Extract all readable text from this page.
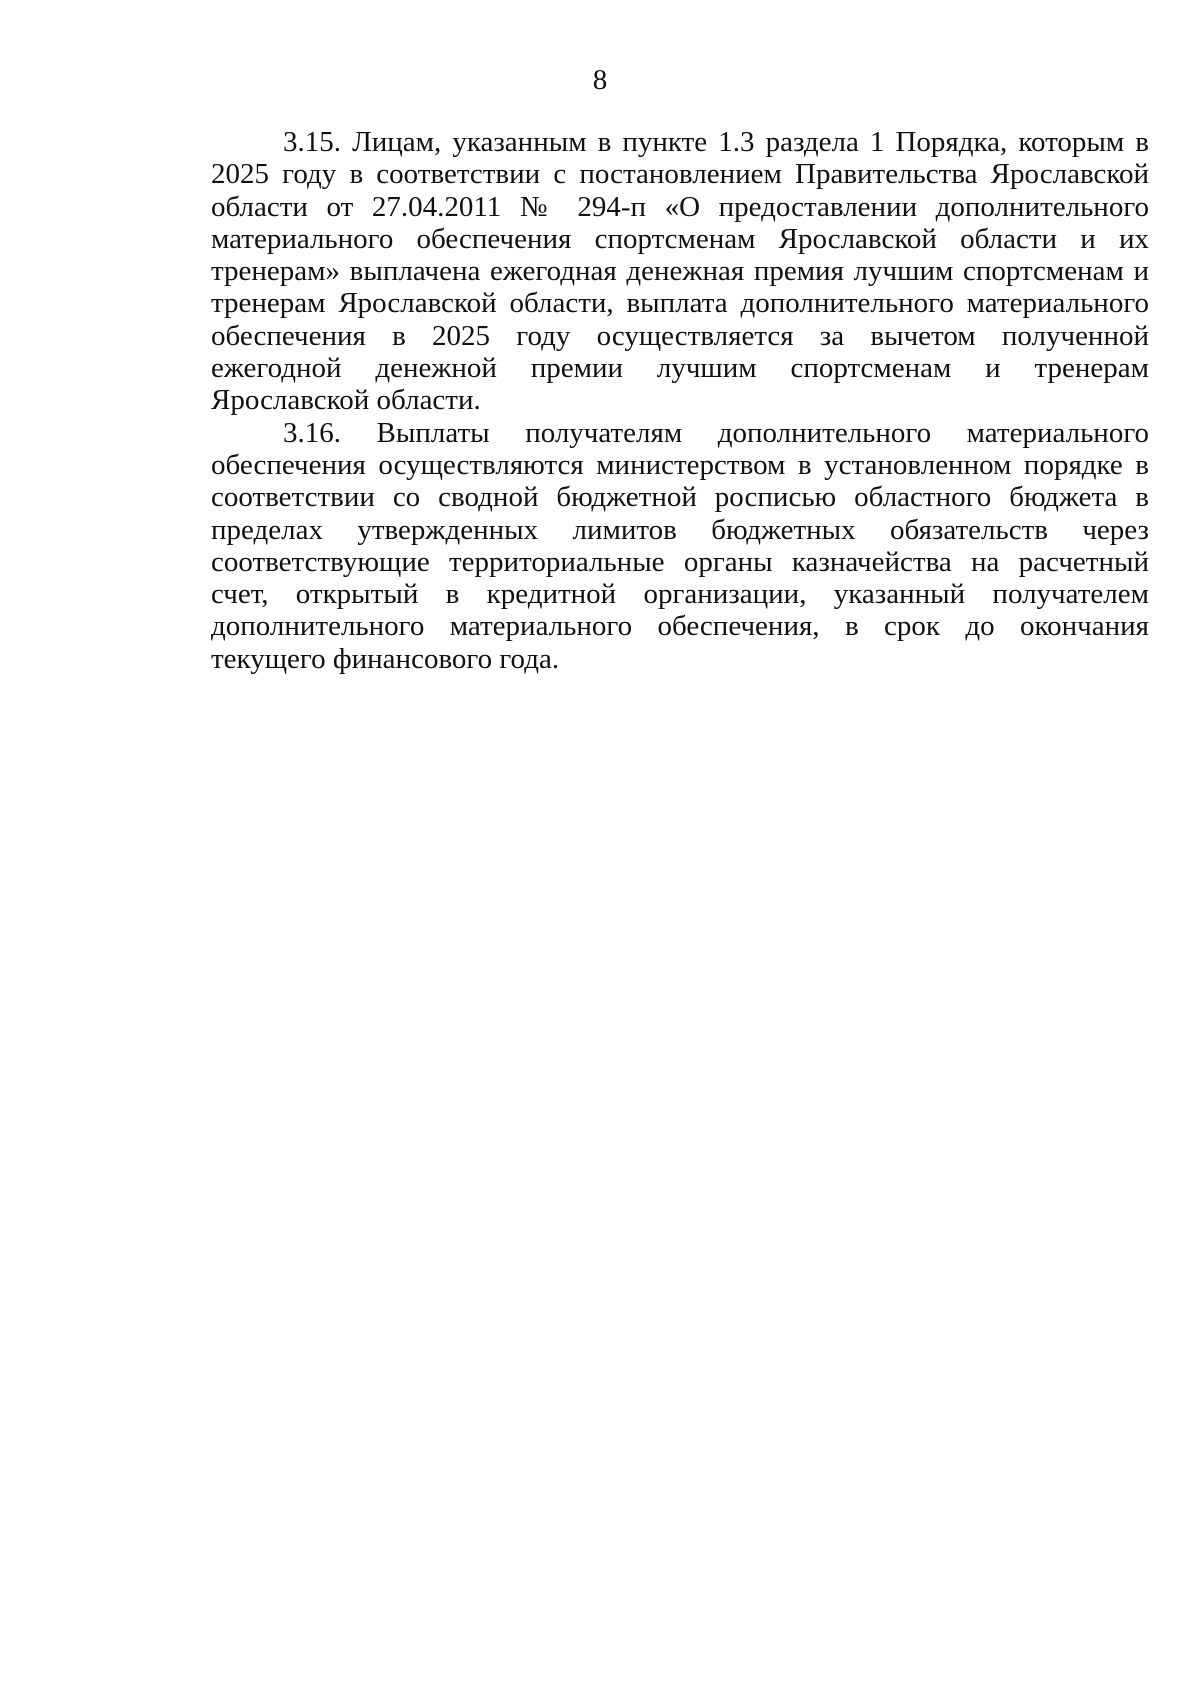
8

3.15. Лицам, указанным в пункте 1.3 раздела 1 Порядка, которым в 2025 году в соответствии с постановлением Правительства Ярославской области от 27.04.2011 № 294-п «О предоставлении дополнительного материального обеспечения спортсменам Ярославской области и их тренерам» выплачена ежегодная денежная премия лучшим спортсменам и тренерам Ярославской области, выплата дополнительного материального обеспечения в 2025 году осуществляется за вычетом полученной ежегодной денежной премии лучшим спортсменам и тренерам Ярославской области.

3.16. Выплаты получателям дополнительного материального обеспечения осуществляются министерством в установленном порядке в соответствии со сводной бюджетной росписью областного бюджета в пределах утвержденных лимитов бюджетных обязательств через соответствующие территориальные органы казначейства на расчетный счет, открытый в кредитной организации, указанный получателем дополнительного материального обеспечения, в срок до окончания текущего финансового года.
